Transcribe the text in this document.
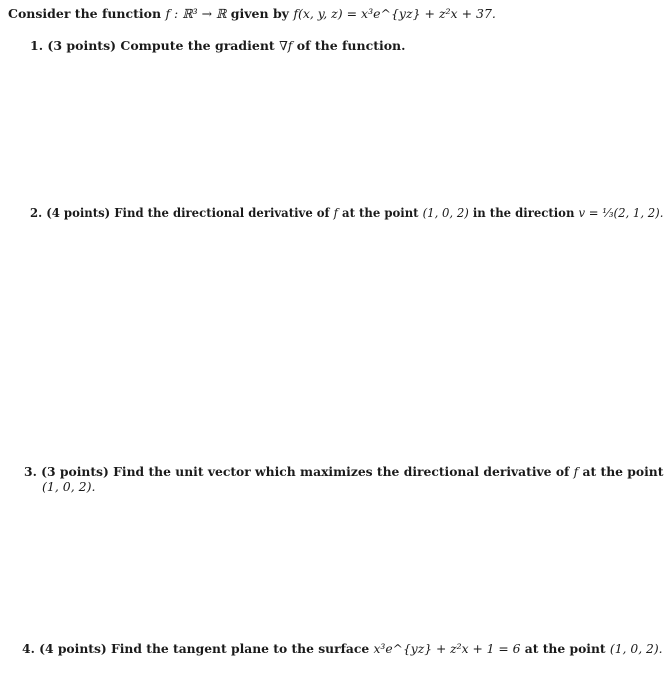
Consider the function f : ℝ³ → ℝ given by f(x, y, z) = x³e^{yz} + z²x + 37.
1. (3 points) Compute the gradient ∇f of the function.
2. (4 points) Find the directional derivative of f at the point (1, 0, 2) in the direction v = ⅓(2, 1, 2).
3. (3 points) Find the unit vector which maximizes the directional derivative of f at the point
(1, 0, 2).
4. (4 points) Find the tangent plane to the surface x³e^{yz} + z²x + 1 = 6 at the point (1, 0, 2).
